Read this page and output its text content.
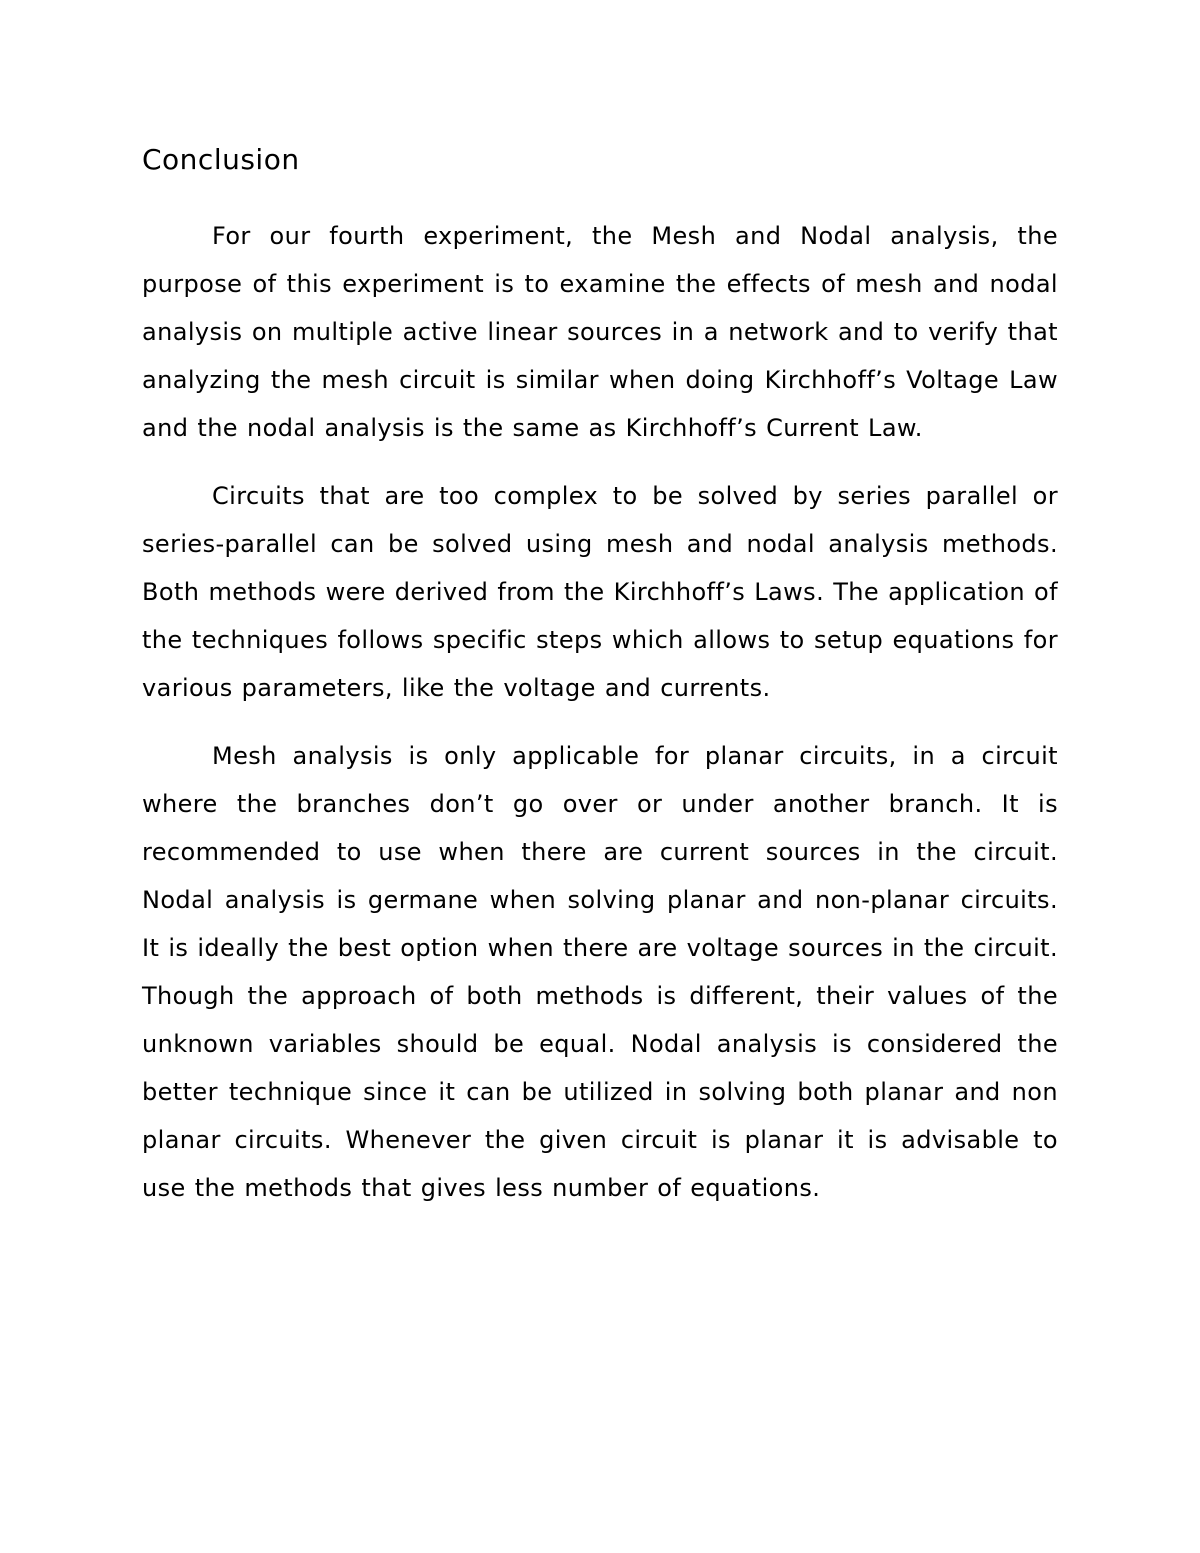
Conclusion

For our fourth experiment, the Mesh and Nodal analysis, the purpose of this experiment is to examine the effects of mesh and nodal analysis on multiple active linear sources in a network and to verify that analyzing the mesh circuit is similar when doing Kirchhoff’s Voltage Law and the nodal analysis is the same as Kirchhoff’s Current Law.

Circuits that are too complex to be solved by series parallel or series-parallel can be solved using mesh and nodal analysis methods. Both methods were derived from the Kirchhoff’s Laws. The application of the techniques follows specific steps which allows to setup equations for various parameters, like the voltage and currents.

Mesh analysis is only applicable for planar circuits, in a circuit where the branches don’t go over or under another branch. It is recommended to use when there are current sources in the circuit. Nodal analysis is germane when solving planar and non-planar circuits. It is ideally the best option when there are voltage sources in the circuit. Though the approach of both methods is different, their values of the unknown variables should be equal. Nodal analysis is considered the better technique since it can be utilized in solving both planar and non planar circuits. Whenever the given circuit is planar it is advisable to use the methods that gives less number of equations.
